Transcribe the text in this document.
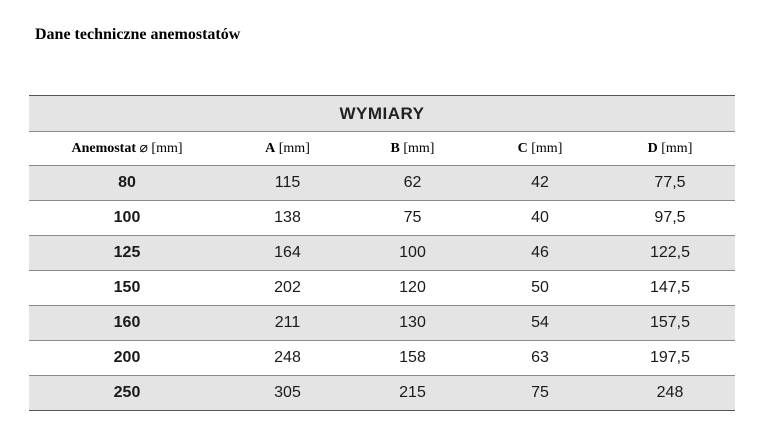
Dane techniczne anemostatów
WYMIARY
Anemostat ⌀ [mm]	A [mm]	B [mm]	C [mm]	D [mm]
80	115	62	42	77,5
100	138	75	40	97,5
125	164	100	46	122,5
150	202	120	50	147,5
160	211	130	54	157,5
200	248	158	63	197,5
250	305	215	75	248
